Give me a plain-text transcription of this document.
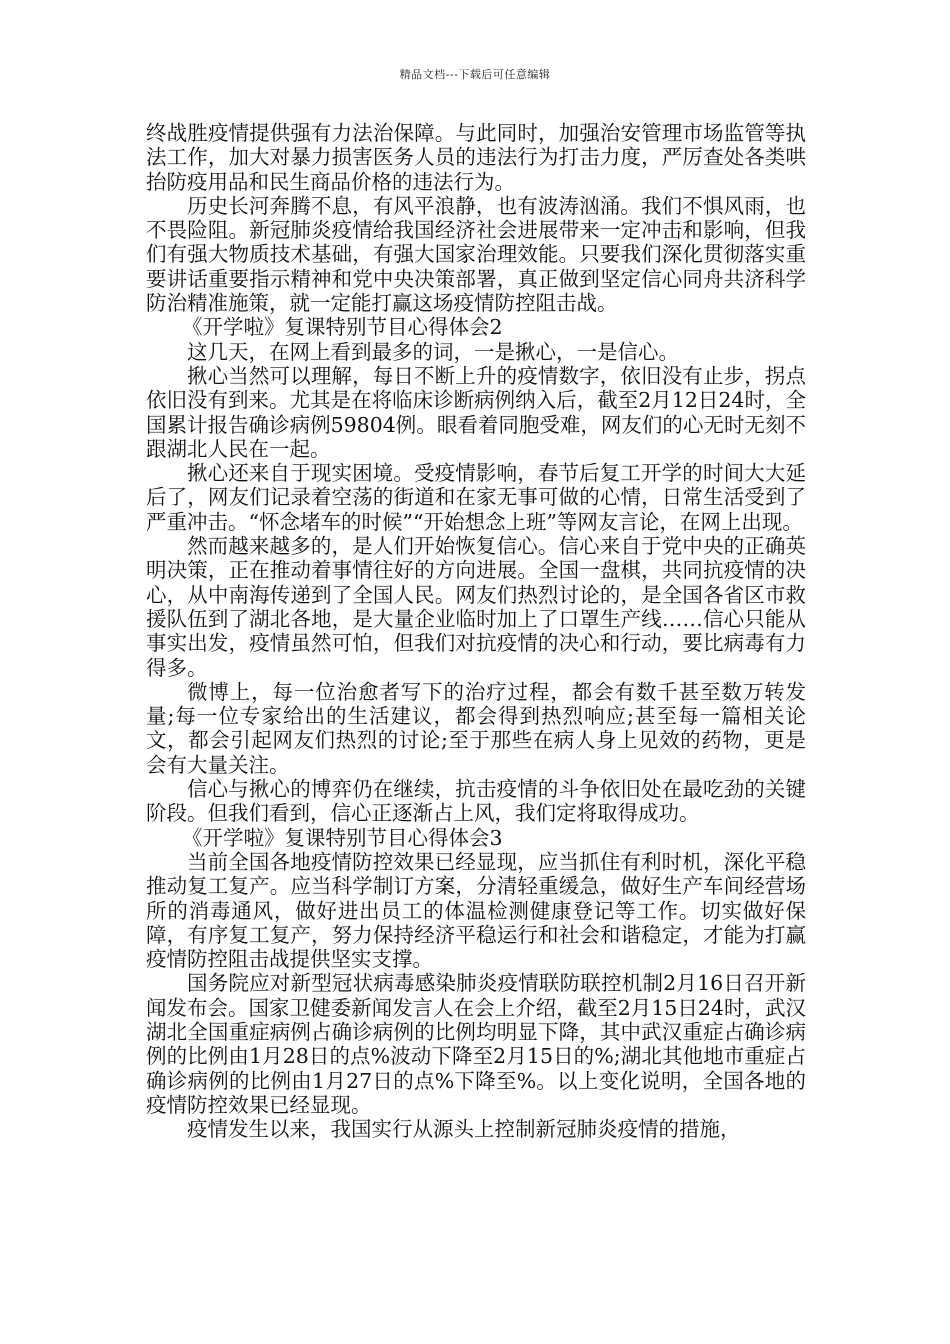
精品文档---下载后可任意编辑

终战胜疫情提供强有力法治保障。与此同时，加强治安管理市场监管等执法工作，加大对暴力损害医务人员的违法行为打击力度，严厉查处各类哄抬防疫用品和民生商品价格的违法行为。

历史长河奔腾不息，有风平浪静，也有波涛汹涌。我们不惧风雨，也不畏险阻。新冠肺炎疫情给我国经济社会进展带来一定冲击和影响，但我们有强大物质技术基础，有强大国家治理效能。只要我们深化贯彻落实重要讲话重要指示精神和党中央决策部署，真正做到坚定信心同舟共济科学防治精准施策，就一定能打赢这场疫情防控阻击战。

《开学啦》复课特别节目心得体会2

这几天，在网上看到最多的词，一是揪心，一是信心。

揪心当然可以理解，每日不断上升的疫情数字，依旧没有止步，拐点依旧没有到来。尤其是在将临床诊断病例纳入后，截至2月12日24时，全国累计报告确诊病例59804例。眼看着同胞受难，网友们的心无时无刻不跟湖北人民在一起。

揪心还来自于现实困境。受疫情影响，春节后复工开学的时间大大延后了，网友们记录着空荡的街道和在家无事可做的心情，日常生活受到了严重冲击。“怀念堵车的时候”“开始想念上班”等网友言论，在网上出现。

然而越来越多的，是人们开始恢复信心。信心来自于党中央的正确英明决策，正在推动着事情往好的方向进展。全国一盘棋，共同抗疫情的决心，从中南海传递到了全国人民。网友们热烈讨论的，是全国各省区市救援队伍到了湖北各地，是大量企业临时加上了口罩生产线……信心只能从事实出发，疫情虽然可怕，但我们对抗疫情的决心和行动，要比病毒有力得多。

微博上，每一位治愈者写下的治疗过程，都会有数千甚至数万转发量;每一位专家给出的生活建议，都会得到热烈响应;甚至每一篇相关论文，都会引起网友们热烈的讨论;至于那些在病人身上见效的药物，更是会有大量关注。

信心与揪心的博弈仍在继续，抗击疫情的斗争依旧处在最吃劲的关键阶段。但我们看到，信心正逐渐占上风，我们定将取得成功。

《开学啦》复课特别节目心得体会3

当前全国各地疫情防控效果已经显现，应当抓住有利时机，深化平稳推动复工复产。应当科学制订方案，分清轻重缓急，做好生产车间经营场所的消毒通风，做好进出员工的体温检测健康登记等工作。切实做好保障，有序复工复产，努力保持经济平稳运行和社会和谐稳定，才能为打赢疫情防控阻击战提供坚实支撑。

国务院应对新型冠状病毒感染肺炎疫情联防联控机制2月16日召开新闻发布会。国家卫健委新闻发言人在会上介绍，截至2月15日24时，武汉湖北全国重症病例占确诊病例的比例均明显下降，其中武汉重症占确诊病例的比例由1月28日的点%波动下降至2月15日的%;湖北其他地市重症占确诊病例的比例由1月27日的点%下降至%。以上变化说明，全国各地的疫情防控效果已经显现。

疫情发生以来，我国实行从源头上控制新冠肺炎疫情的措施，
